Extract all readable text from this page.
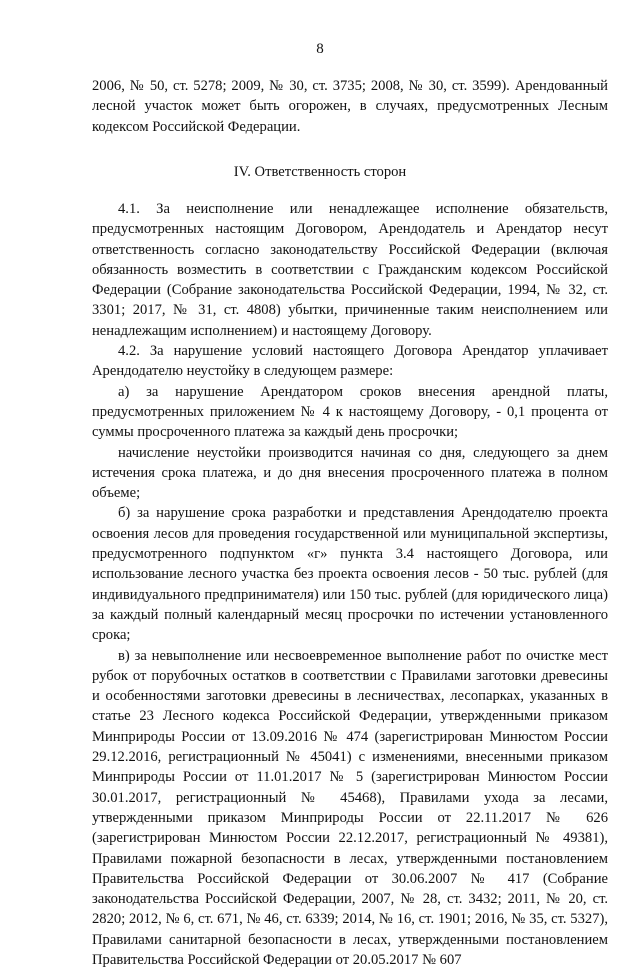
8

2006, № 50, ст. 5278; 2009, № 30, ст. 3735; 2008, № 30, ст. 3599). Арендованный лесной участок может быть огорожен, в случаях, предусмотренных Лесным кодексом Российской Федерации.

IV. Ответственность сторон

4.1. За неисполнение или ненадлежащее исполнение обязательств, предусмотренных настоящим Договором, Арендодатель и Арендатор несут ответственность согласно законодательству Российской Федерации (включая обязанность возместить в соответствии с Гражданским кодексом Российской Федерации (Собрание законодательства Российской Федерации, 1994, № 32, ст. 3301; 2017, № 31, ст. 4808) убытки, причиненные таким неисполнением или ненадлежащим исполнением) и настоящему Договору.

4.2. За нарушение условий настоящего Договора Арендатор уплачивает Арендодателю неустойку в следующем размере:

а) за нарушение Арендатором сроков внесения арендной платы, предусмотренных приложением № 4 к настоящему Договору, - 0,1 процента от суммы просроченного платежа за каждый день просрочки;

начисление неустойки производится начиная со дня, следующего за днем истечения срока платежа, и до дня внесения просроченного платежа в полном объеме;

б) за нарушение срока разработки и представления Арендодателю проекта освоения лесов для проведения государственной или муниципальной экспертизы, предусмотренного подпунктом «г» пункта 3.4 настоящего Договора, или использование лесного участка без проекта освоения лесов - 50 тыс. рублей (для индивидуального предпринимателя) или 150 тыс. рублей (для юридического лица) за каждый полный календарный месяц просрочки по истечении установленного срока;

в) за невыполнение или несвоевременное выполнение работ по очистке мест рубок от порубочных остатков в соответствии с Правилами заготовки древесины и особенностями заготовки древесины в лесничествах, лесопарках, указанных в статье 23 Лесного кодекса Российской Федерации, утвержденными приказом Минприроды России от 13.09.2016 № 474 (зарегистрирован Минюстом России 29.12.2016, регистрационный № 45041) с изменениями, внесенными приказом Минприроды России от 11.01.2017 № 5 (зарегистрирован Минюстом России 30.01.2017, регистрационный № 45468), Правилами ухода за лесами, утвержденными приказом Минприроды России от 22.11.2017 № 626 (зарегистрирован Минюстом России 22.12.2017, регистрационный № 49381), Правилами пожарной безопасности в лесах, утвержденными постановлением Правительства Российской Федерации от 30.06.2007 № 417 (Собрание законодательства Российской Федерации, 2007, № 28, ст. 3432; 2011, № 20, ст. 2820; 2012, № 6, ст. 671, № 46, ст. 6339; 2014, № 16, ст. 1901; 2016, № 35, ст. 5327), Правилами санитарной безопасности в лесах, утвержденными постановлением Правительства Российской Федерации от 20.05.2017 № 607
